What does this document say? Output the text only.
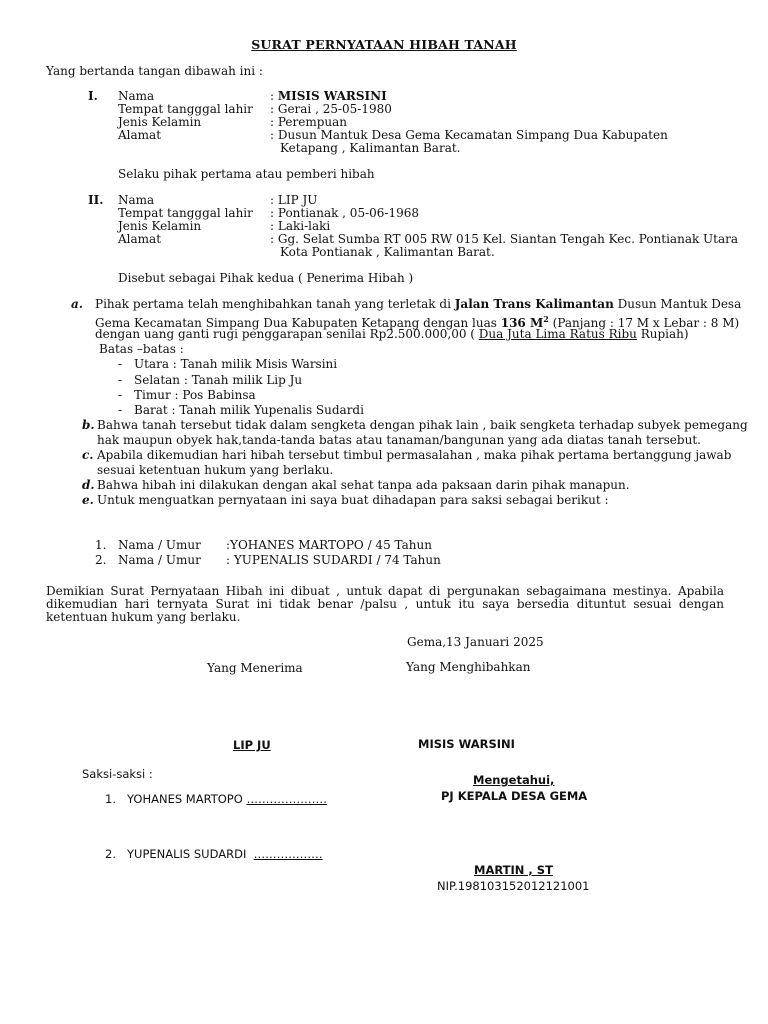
SURAT PERNYATAAN HIBAH TANAH
Yang bertanda tangan dibawah ini :
I. Nama	: MISIS WARSINI
Tempat tangggal lahir : Gerai , 25-05-1980
Jenis Kelamin	: Perempuan
Alamat	: Dusun Mantuk Desa Gema Kecamatan Simpang Dua Kabupaten
Ketapang , Kalimantan Barat.
Selaku pihak pertama atau pemberi hibah
II. Nama	: LIP JU
Tempat tangggal lahir : Pontianak , 05-06-1968
Jenis Kelamin	: Laki-laki
Alamat	: Gg. Selat Sumba RT 005 RW 015 Kel. Siantan Tengah Kec. Pontianak Utara
Kota Pontianak , Kalimantan Barat.
Disebut sebagai Pihak kedua ( Penerima Hibah )
a. Pihak pertama telah menghibahkan tanah yang terletak di Jalan Trans Kalimantan Dusun Mantuk Desa
Gema Kecamatan Simpang Dua Kabupaten Ketapang dengan luas 136 $M^2$ (Panjang : 17 M x Lebar : 8 M)
dengan uang ganti rugi penggarapan senilai Rp2.500.000,00 ( Dua Juta Lima Ratus Ribu Rupiah)
Batas –batas :
- Utara : Tanah milik Misis Warsini
- Selatan : Tanah milik Lip Ju
- Timur : Pos Babinsa
- Barat : Tanah milik Yupenalis Sudardi
b. Bahwa tanah tersebut tidak dalam sengketa dengan pihak lain , baik sengketa terhadap subyek pemegang
hak maupun obyek hak,tanda-tanda batas atau tanaman/bangunan yang ada diatas tanah tersebut.
c. Apabila dikemudian hari hibah tersebut timbul permasalahan , maka pihak pertama bertanggung jawab
sesuai ketentuan hukum yang berlaku.
d. Bahwa hibah ini dilakukan dengan akal sehat tanpa ada paksaan darin pihak manapun.
e. Untuk menguatkan pernyataan ini saya buat dihadapan para saksi sebagai berikut :
1. Nama / Umur :YOHANES MARTOPO / 45 Tahun
2. Nama / Umur : YUPENALIS SUDARDI / 74 Tahun
Demikian Surat Pernyataan Hibah ini dibuat , untuk dapat di pergunakan sebagaimana mestinya. Apabila dikemudian hari ternyata Surat ini tidak benar /palsu , untuk itu saya bersedia dituntut sesuai dengan ketentuan hukum yang berlaku.
Gema,13 Januari 2025
Yang Menerima	Yang Menghibahkan
LIP JU	MISIS WARSINI
Saksi-saksi :
1. YOHANES MARTOPO …………………
2. YUPENALIS SUDARDI ………………
Mengetahui,
PJ KEPALA DESA GEMA
MARTIN , ST
NIP.198103152012121001
